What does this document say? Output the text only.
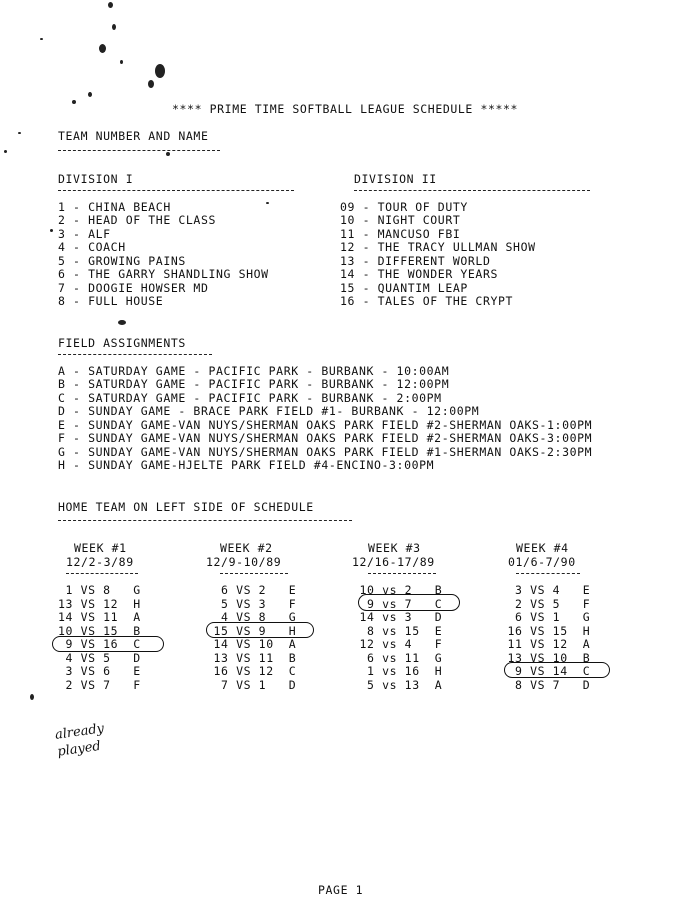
**** PRIME TIME SOFTBALL LEAGUE SCHEDULE *****
TEAM NUMBER AND NAME
DIVISION I
1 - CHINA BEACH
2 - HEAD OF THE CLASS
3 - ALF
4 - COACH
5 - GROWING PAINS
6 - THE GARRY SHANDLING SHOW
7 - DOOGIE HOWSER MD
8 - FULL HOUSE
DIVISION II
09 - TOUR OF DUTY
10 - NIGHT COURT
11 - MANCUSO FBI
12 - THE TRACY ULLMAN SHOW
13 - DIFFERENT WORLD
14 - THE WONDER YEARS
15 - QUANTIM LEAP
16 - TALES OF THE CRYPT
FIELD ASSIGNMENTS
A - SATURDAY GAME - PACIFIC PARK - BURBANK - 10:00AM
B - SATURDAY GAME - PACIFIC PARK - BURBANK - 12:00PM
C - SATURDAY GAME - PACIFIC PARK - BURBANK - 2:00PM
D - SUNDAY GAME - BRACE PARK FIELD #1- BURBANK - 12:00PM
E - SUNDAY GAME-VAN NUYS/SHERMAN OAKS PARK FIELD #2-SHERMAN OAKS-1:00PM
F - SUNDAY GAME-VAN NUYS/SHERMAN OAKS PARK FIELD #2-SHERMAN OAKS-3:00PM
G - SUNDAY GAME-VAN NUYS/SHERMAN OAKS PARK FIELD #1-SHERMAN OAKS-2:30PM
H - SUNDAY GAME-HJELTE PARK FIELD #4-ENCINO-3:00PM
HOME TEAM ON LEFT SIDE OF SCHEDULE
WEEK #1
12/2-3/89
1 VS 8   G
13 VS 12  H
14 VS 11  A
10 VS 15  B
9 VS 16  C
4 VS 5   D
3 VS 6   E
2 VS 7   F
WEEK #2
12/9-10/89
6 VS 2   E
5 VS 3   F
4 VS 8   G
15 VS 9   H
14 VS 10  A
13 VS 11  B
16 VS 12  C
7 VS 1   D
WEEK #3
12/16-17/89
10 vs 2   B
9 vs 7   C
14 vs 3   D
8 vs 15  E
12 vs 4   F
6 vs 11  G
1 vs 16  H
5 vs 13  A
WEEK #4
01/6-7/90
3 VS 4   E
2 VS 5   F
6 VS 1   G
16 VS 15  H
11 VS 12  A
13 VS 10  B
9 VS 14  C
8 VS 7   D
already played
PAGE 1
